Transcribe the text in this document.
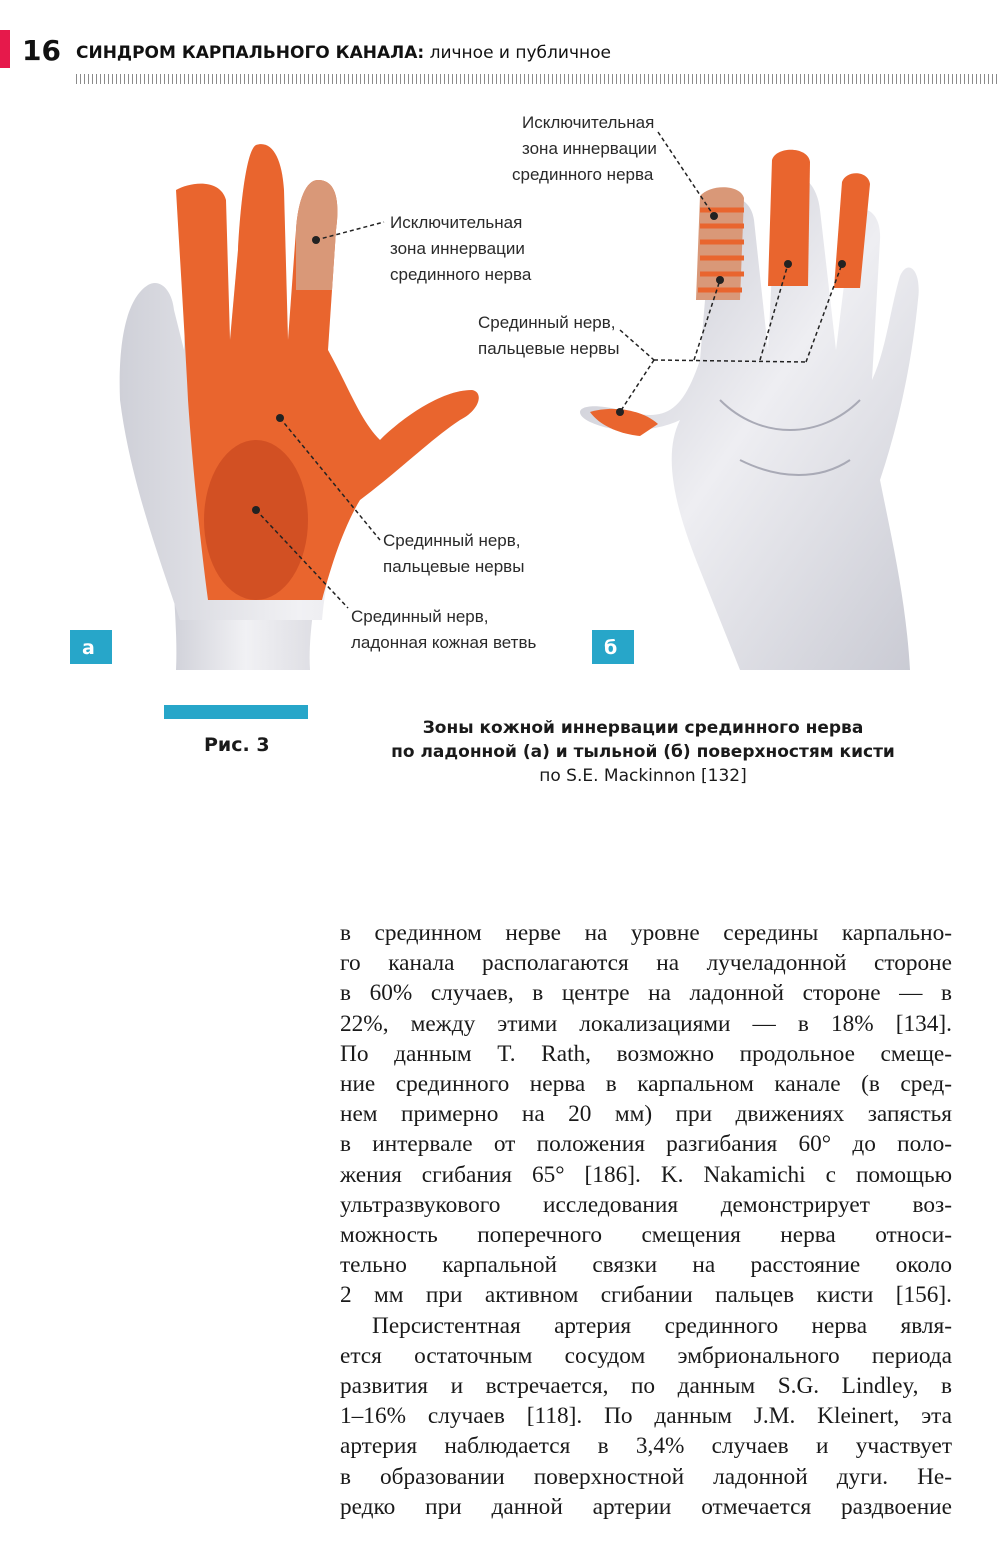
16 СИНДРОМ КАРПАЛЬНОГО КАНАЛА: личное и публичное
Исключительная
зона иннервации
срединного нерва
Срединный нерв,
пальцевые нервы
Срединный нерв,
ладонная кожная ветвь
a
Исключительная
зона иннервации
срединного нерва
Срединный нерв,
пальцевые нервы
б
Рис. 3
Зоны кожной иннервации срединного нерва
по ладонной (а) и тыльной (б) поверхностям кисти
по S.E. Mackinnon [132]

в срединном нерве на уровне середины карпально-
го канала располагаются на лучеладонной стороне
в 60% случаев, в центре на ладонной стороне — в
22%, между этими локализациями — в 18% [134].
По данным T. Rath, возможно продольное смеще-
ние срединного нерва в карпальном канале (в сред-
нем примерно на 20 мм) при движениях запястья
в интервале от положения разгибания 60° до поло-
жения сгибания 65° [186]. K. Nakamichi с помощью
ультразвукового исследования демонстрирует воз-
можность поперечного смещения нерва относи-
тельно карпальной связки на расстояние около
2 мм при активном сгибании пальцев кисти [156].

Персистентная артерия срединного нерва явля-
ется остаточным сосудом эмбрионального периода
развития и встречается, по данным S.G. Lindley, в
1–16% случаев [118]. По данным J.M. Kleinert, эта
артерия наблюдается в 3,4% случаев и участвует
в образовании поверхностной ладонной дуги. Не-
редко при данной артерии отмечается раздвоение
